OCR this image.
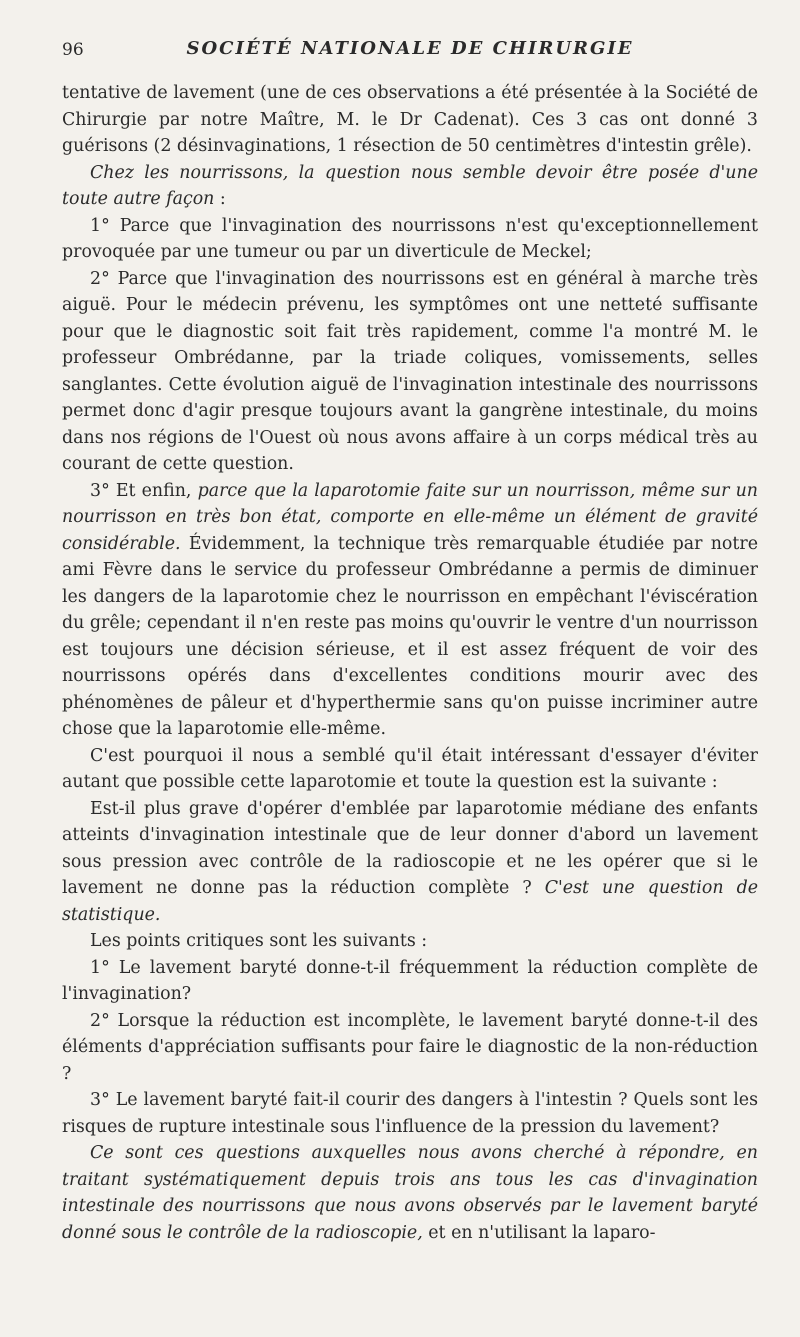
96	SOCIÉTÉ NATIONALE DE CHIRURGIE

tentative de lavement (une de ces observations a été présentée à la Société de Chirurgie par notre Maître, M. le Dr Cadenat). Ces 3 cas ont donné 3 guérisons (2 désinvaginations, 1 résection de 50 centimètres d'intestin grêle).

Chez les nourrissons, la question nous semble devoir être posée d'une toute autre façon :

1° Parce que l'invagination des nourrissons n'est qu'exceptionnellement provoquée par une tumeur ou par un diverticule de Meckel;

2° Parce que l'invagination des nourrissons est en général à marche très aiguë. Pour le médecin prévenu, les symptômes ont une netteté suffisante pour que le diagnostic soit fait très rapidement, comme l'a montré M. le professeur Ombrédanne, par la triade coliques, vomissements, selles sanglantes. Cette évolution aiguë de l'invagination intestinale des nourrissons permet donc d'agir presque toujours avant la gangrène intestinale, du moins dans nos régions de l'Ouest où nous avons affaire à un corps médical très au courant de cette question.

3° Et enfin, parce que la laparotomie faite sur un nourrisson, même sur un nourrisson en très bon état, comporte en elle-même un élément de gravité considérable. Évidemment, la technique très remarquable étudiée par notre ami Fèvre dans le service du professeur Ombrédanne a permis de diminuer les dangers de la laparotomie chez le nourrisson en empêchant l'éviscération du grêle; cependant il n'en reste pas moins qu'ouvrir le ventre d'un nourrisson est toujours une décision sérieuse, et il est assez fréquent de voir des nourrissons opérés dans d'excellentes conditions mourir avec des phénomènes de pâleur et d'hyperthermie sans qu'on puisse incriminer autre chose que la laparotomie elle-même.

C'est pourquoi il nous a semblé qu'il était intéressant d'essayer d'éviter autant que possible cette laparotomie et toute la question est la suivante :

Est-il plus grave d'opérer d'emblée par laparotomie médiane des enfants atteints d'invagination intestinale que de leur donner d'abord un lavement sous pression avec contrôle de la radioscopie et ne les opérer que si le lavement ne donne pas la réduction complète ? C'est une question de statistique.

Les points critiques sont les suivants :

1° Le lavement baryté donne-t-il fréquemment la réduction complète de l'invagination?

2° Lorsque la réduction est incomplète, le lavement baryté donne-t-il des éléments d'appréciation suffisants pour faire le diagnostic de la non-réduction ?

3° Le lavement baryté fait-il courir des dangers à l'intestin ? Quels sont les risques de rupture intestinale sous l'influence de la pression du lavement?

Ce sont ces questions auxquelles nous avons cherché à répondre, en traitant systématiquement depuis trois ans tous les cas d'invagination intestinale des nourrissons que nous avons observés par le lavement baryté donné sous le contrôle de la radioscopie, et en n'utilisant la laparo-
